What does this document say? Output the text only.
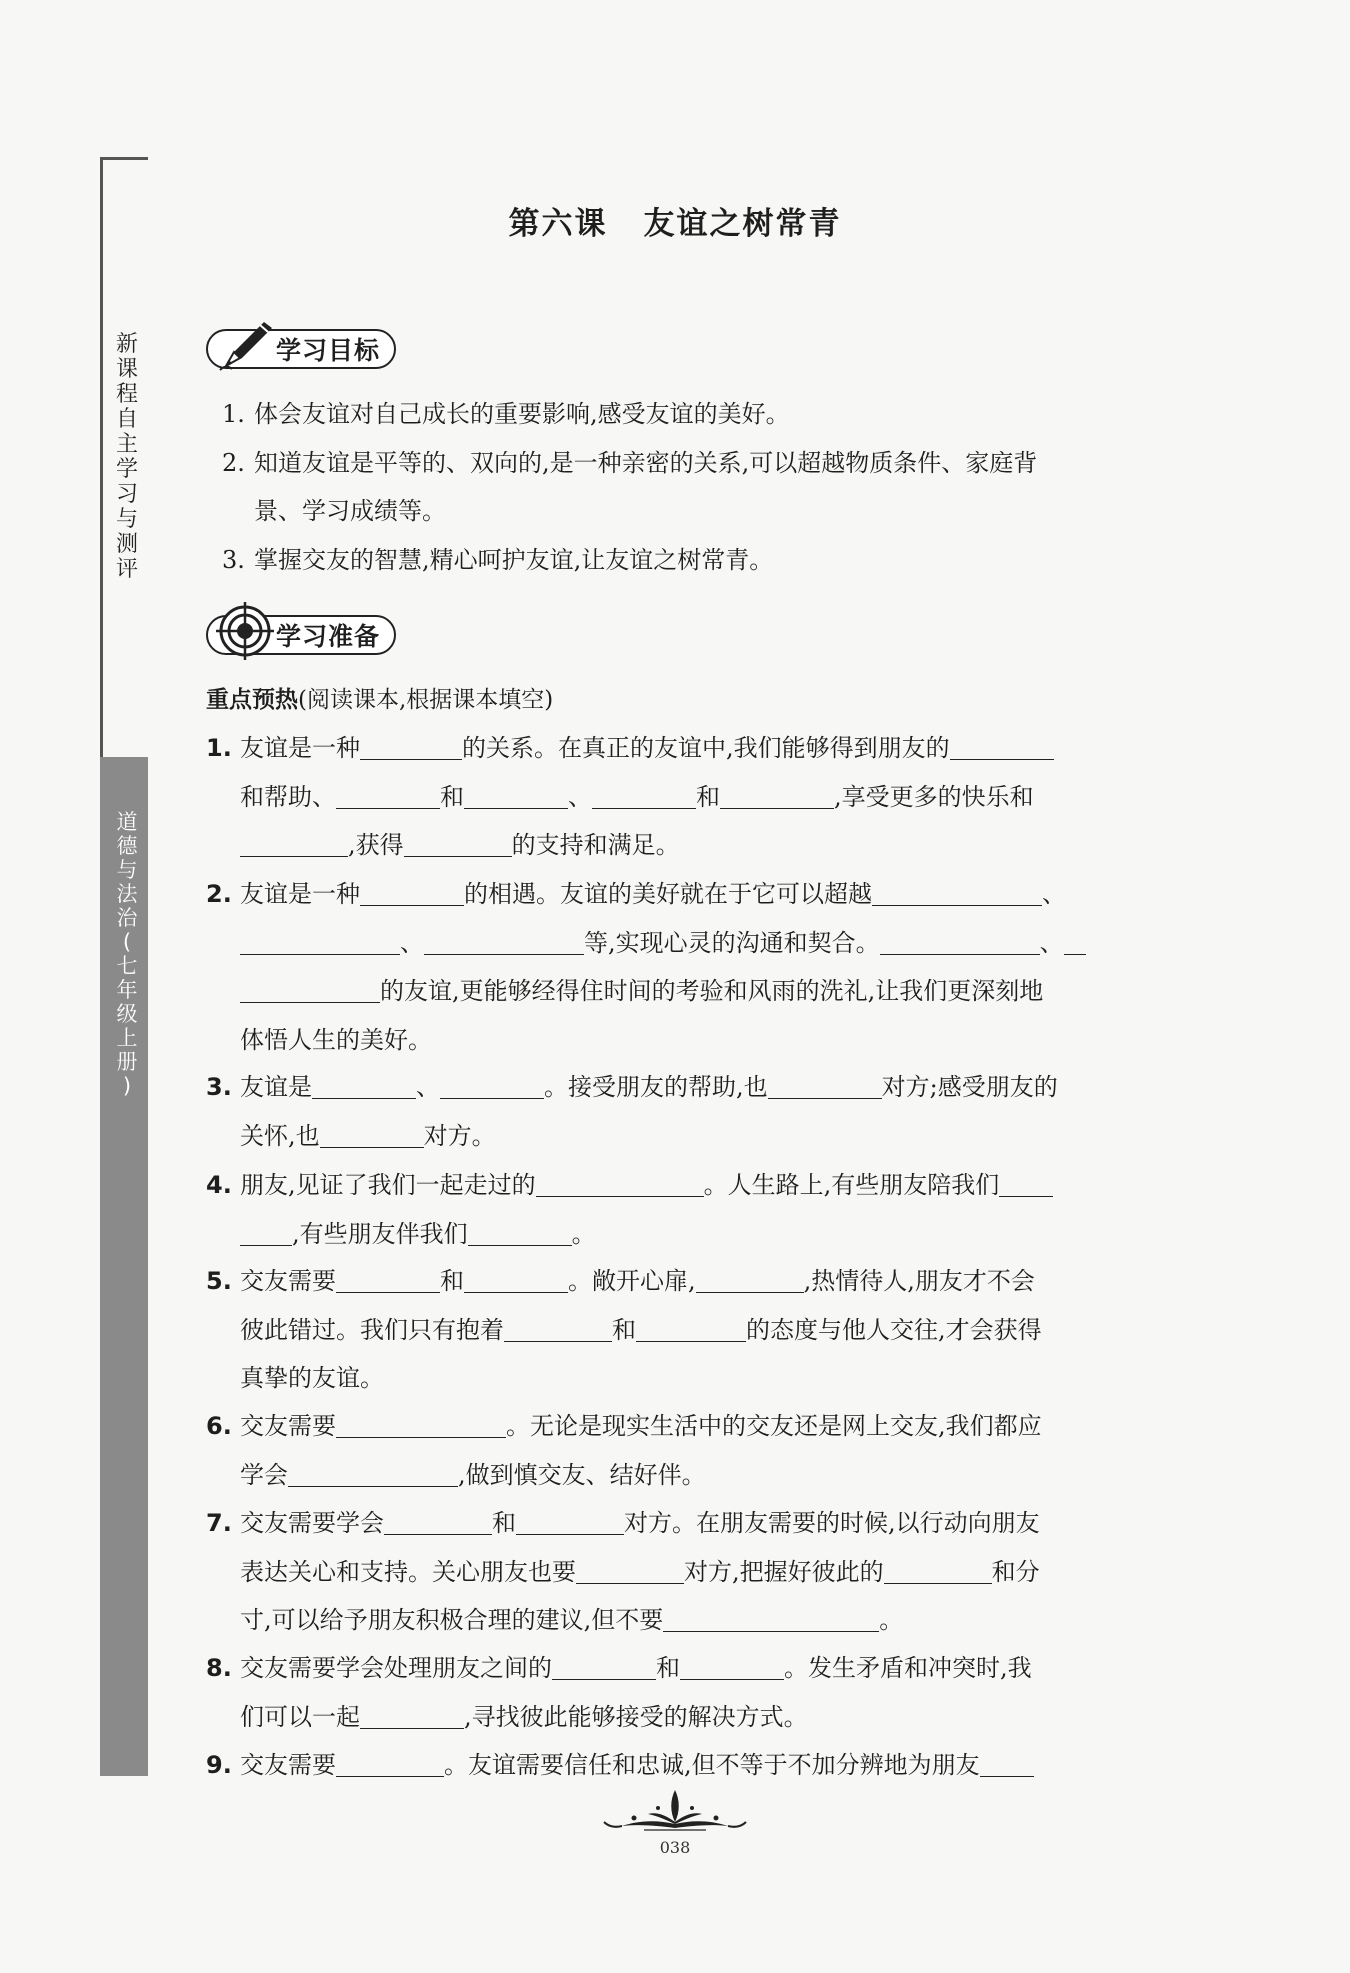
新
课
程
自
主
学
习
与
测
评
道
德
与
法
治
(
七
年
级
上
册
)
第六课 友谊之树常青
学习目标
1. 体会友谊对自己成长的重要影响,感受友谊的美好。
2. 知道友谊是平等的、双向的,是一种亲密的关系,可以超越物质条件、家庭背
景、学习成绩等。
3. 掌握交友的智慧,精心呵护友谊,让友谊之树常青。
学习准备
重点预热(阅读课本,根据课本填空)
1. 友谊是一种	的关系。在真正的友谊中,我们能够得到朋友的
和帮助、	和	、	和	,享受更多的快乐和
,获得	的支持和满足。
2. 友谊是一种	的相遇。友谊的美好就在于它可以超越	、
、	等,实现心灵的沟通和契合。	、
的友谊,更能够经得住时间的考验和风雨的洗礼,让我们更深刻地
体悟人生的美好。
3. 友谊是	、	。接受朋友的帮助,也	对方;感受朋友的
关怀,也	对方。
4. 朋友,见证了我们一起走过的	。人生路上,有些朋友陪我们
,有些朋友伴我们	。
5. 交友需要	和	。敞开心扉,	,热情待人,朋友才不会
彼此错过。我们只有抱着	和	的态度与他人交往,才会获得
真挚的友谊。
6. 交友需要	。无论是现实生活中的交友还是网上交友,我们都应
学会	,做到慎交友、结好伴。
7. 交友需要学会	和	对方。在朋友需要的时候,以行动向朋友
表达关心和支持。关心朋友也要	对方,把握好彼此的	和分
寸,可以给予朋友积极合理的建议,但不要	。
8. 交友需要学会处理朋友之间的	和	。发生矛盾和冲突时,我
们可以一起	,寻找彼此能够接受的解决方式。
9. 交友需要	。友谊需要信任和忠诚,但不等于不加分辨地为朋友
038
